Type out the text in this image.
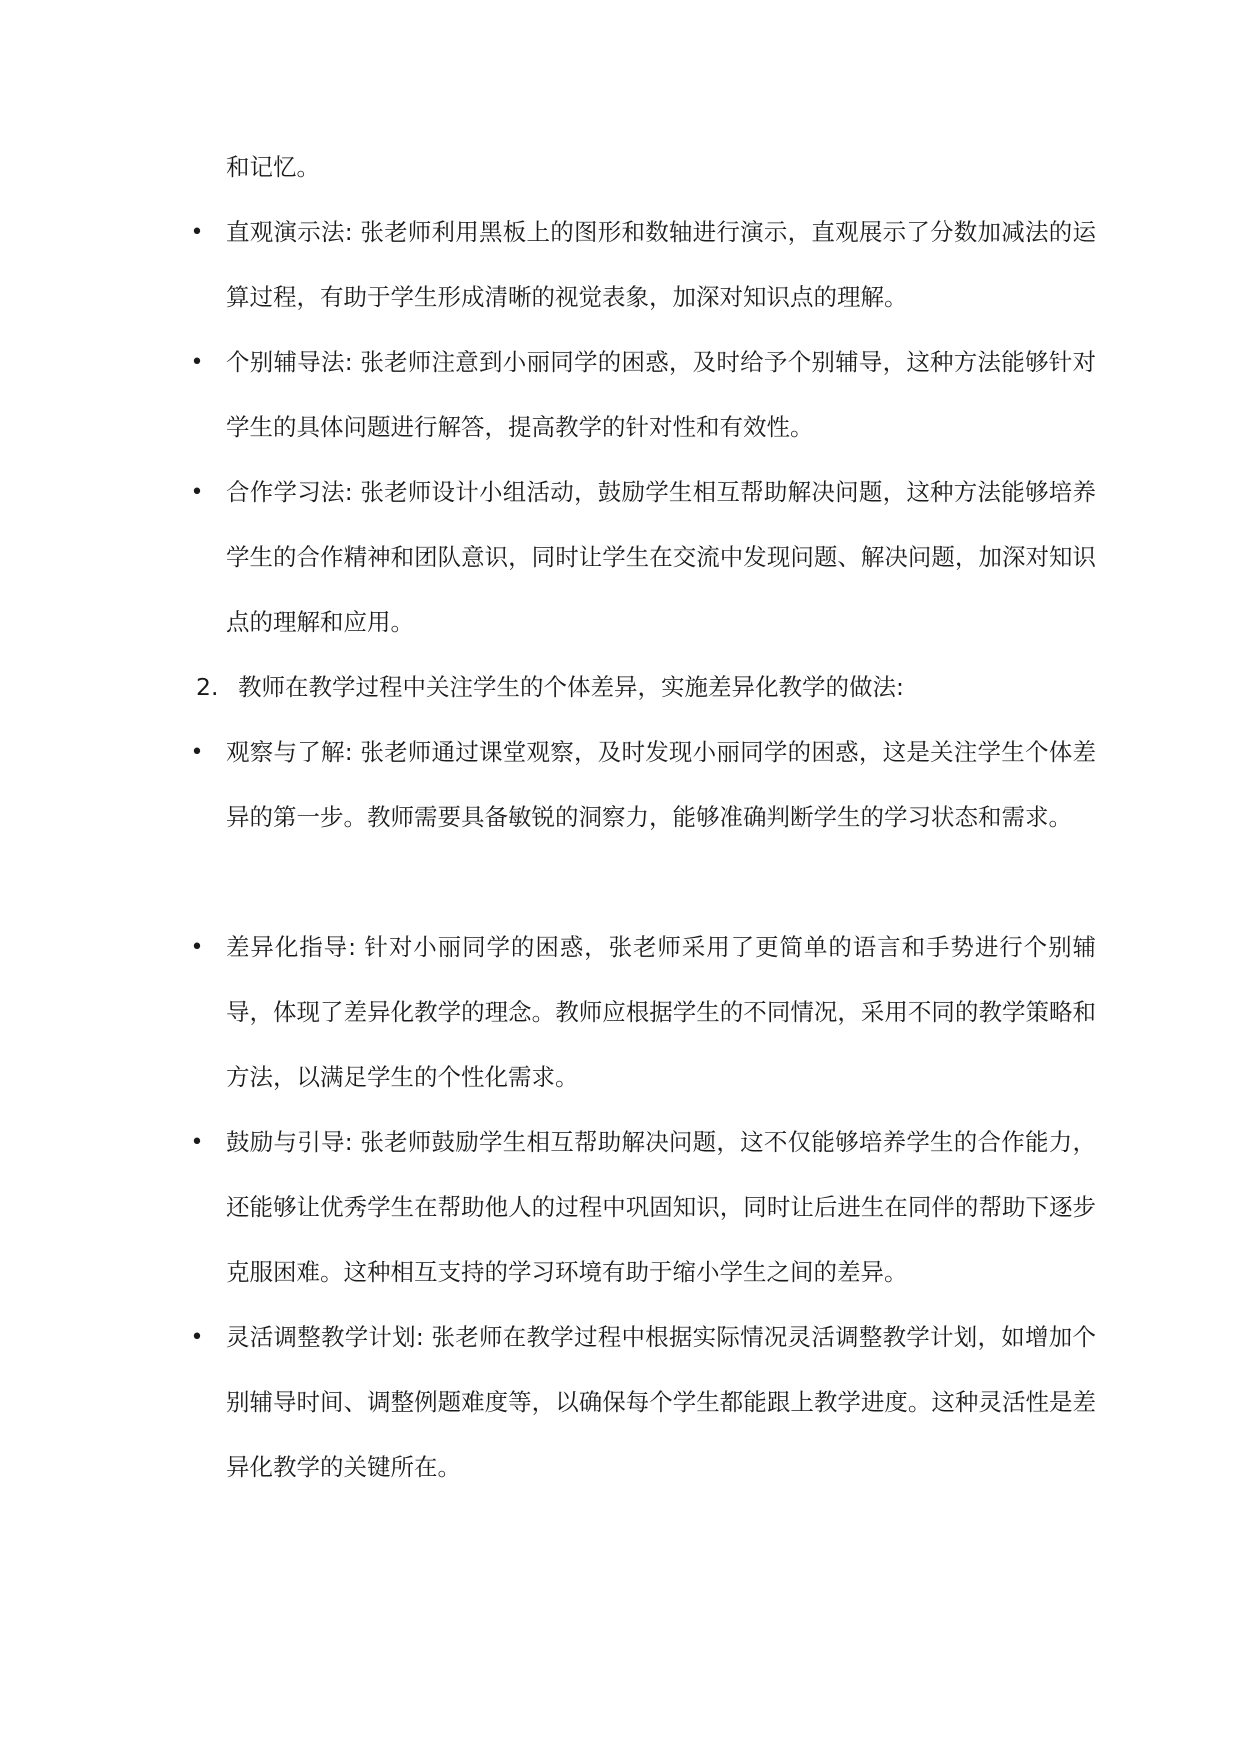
和记忆。

• 直观演示法: 张老师利用黑板上的图形和数轴进行演示，直观展示了分数加减法的运算过程，有助于学生形成清晰的视觉表象，加深对知识点的理解。

• 个别辅导法: 张老师注意到小丽同学的困惑，及时给予个别辅导，这种方法能够针对学生的具体问题进行解答，提高教学的针对性和有效性。

• 合作学习法: 张老师设计小组活动，鼓励学生相互帮助解决问题，这种方法能够培养学生的合作精神和团队意识，同时让学生在交流中发现问题、解决问题，加深对知识点的理解和应用。

2. 教师在教学过程中关注学生的个体差异，实施差异化教学的做法:

• 观察与了解: 张老师通过课堂观察，及时发现小丽同学的困惑，这是关注学生个体差异的第一步。教师需要具备敏锐的洞察力，能够准确判断学生的学习状态和需求。

• 差异化指导: 针对小丽同学的困惑，张老师采用了更简单的语言和手势进行个别辅导，体现了差异化教学的理念。教师应根据学生的不同情况，采用不同的教学策略和方法，以满足学生的个性化需求。

• 鼓励与引导: 张老师鼓励学生相互帮助解决问题，这不仅能够培养学生的合作能力，还能够让优秀学生在帮助他人的过程中巩固知识，同时让后进生在同伴的帮助下逐步克服困难。这种相互支持的学习环境有助于缩小学生之间的差异。

• 灵活调整教学计划: 张老师在教学过程中根据实际情况灵活调整教学计划，如增加个别辅导时间、调整例题难度等，以确保每个学生都能跟上教学进度。这种灵活性是差异化教学的关键所在。
